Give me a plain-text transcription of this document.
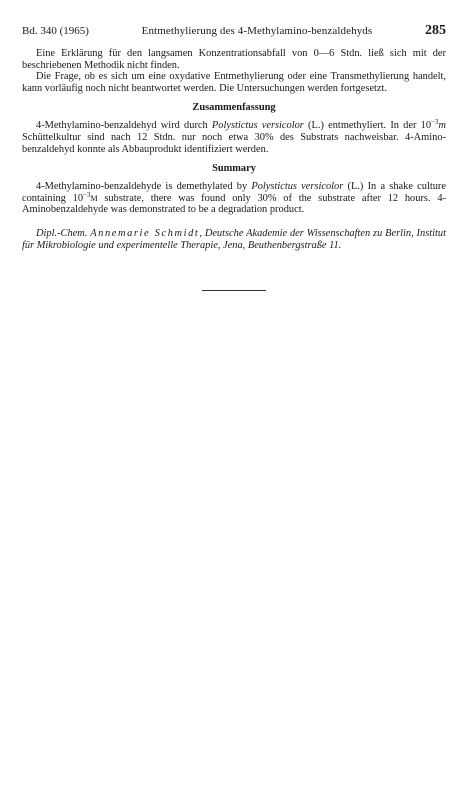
Bd. 340 (1965)	Entmethylierung des 4-Methylamino-benzaldehyds	285

Eine Erklärung für den langsamen Konzentrationsabfall von 0—6 Stdn. ließ sich mit der beschriebenen Methodik nicht finden.

Die Frage, ob es sich um eine oxydative Entmethylierung oder eine Transmethylierung handelt, kann vorläufig noch nicht beantwortet werden. Die Untersuchungen werden fortgesetzt.

Zusammenfassung

4-Methylamino-benzaldehyd wird durch Polystictus versicolor (L.) entmethyliert. In der $10^{-3}m$ Schüttelkultur sind nach 12 Stdn. nur noch etwa 30% des Substrats nachweisbar. 4-Amino-benzaldehyd konnte als Abbauprodukt identifiziert werden.

Summary

4-Methylamino-benzaldehyde is demethylated by Polystictus versicolor (L.) In a shake culture containing $10^{-3}M$ substrate, there was found only 30% of the substrate after 12 hours. 4-Aminobenzaldehyde was demonstrated to be a degradation product.

Dipl.-Chem. Annemarie Schmidt, Deutsche Akademie der Wissenschaften zu Berlin, Institut für Mikrobiologie und experimentelle Therapie, Jena, Beuthenbergstraße 11.
